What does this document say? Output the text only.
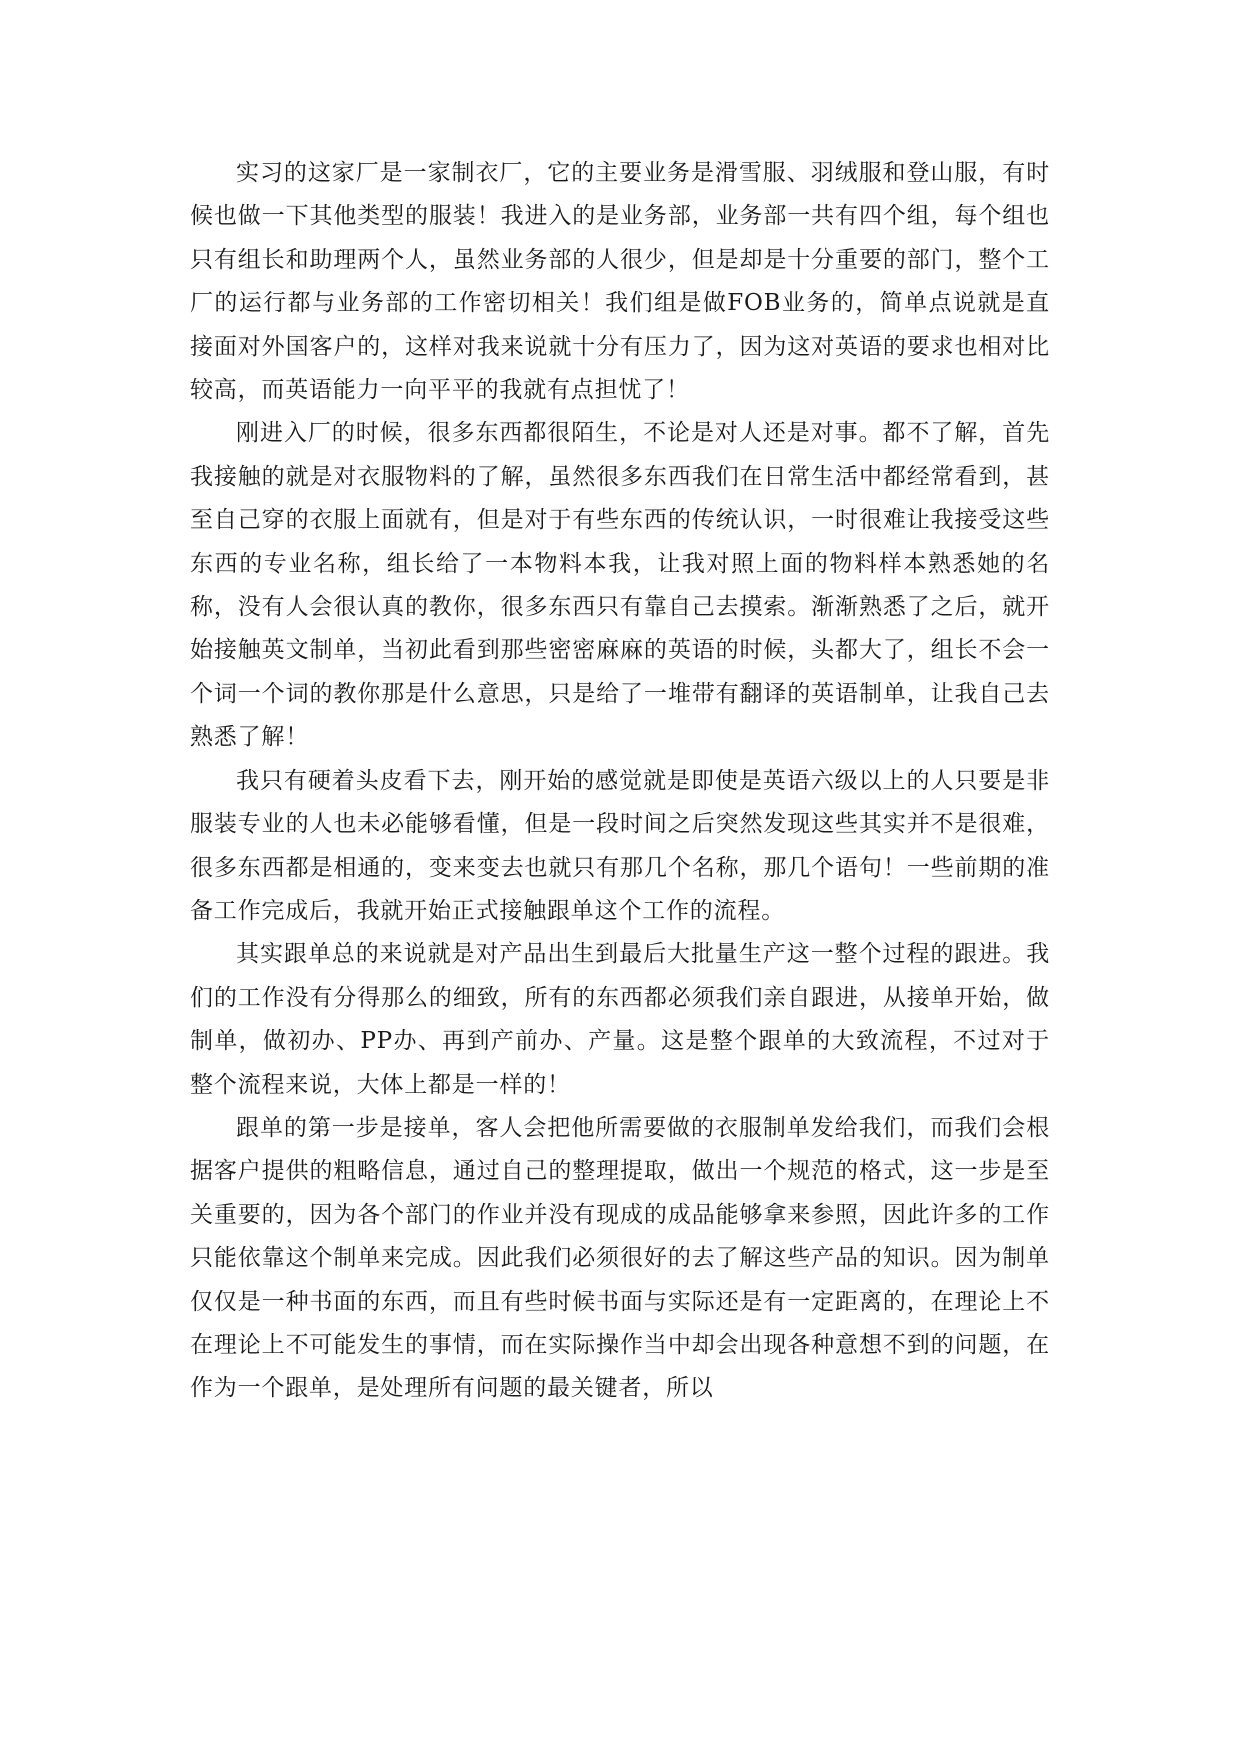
实习的这家厂是一家制衣厂，它的主要业务是滑雪服、羽绒服和登山服，有时候也做一下其他类型的服装！我进入的是业务部，业务部一共有四个组，每个组也只有组长和助理两个人，虽然业务部的人很少，但是却是十分重要的部门，整个工厂的运行都与业务部的工作密切相关！我们组是做FOB业务的，简单点说就是直接面对外国客户的，这样对我来说就十分有压力了，因为这对英语的要求也相对比较高，而英语能力一向平平的我就有点担忧了！

刚进入厂的时候，很多东西都很陌生，不论是对人还是对事。都不了解，首先我接触的就是对衣服物料的了解，虽然很多东西我们在日常生活中都经常看到，甚至自己穿的衣服上面就有，但是对于有些东西的传统认识，一时很难让我接受这些东西的专业名称，组长给了一本物料本我，让我对照上面的物料样本熟悉她的名称，没有人会很认真的教你，很多东西只有靠自己去摸索。渐渐熟悉了之后，就开始接触英文制单，当初此看到那些密密麻麻的英语的时候，头都大了，组长不会一个词一个词的教你那是什么意思，只是给了一堆带有翻译的英语制单，让我自己去熟悉了解！

我只有硬着头皮看下去，刚开始的感觉就是即使是英语六级以上的人只要是非服装专业的人也未必能够看懂，但是一段时间之后突然发现这些其实并不是很难，很多东西都是相通的，变来变去也就只有那几个名称，那几个语句！一些前期的准备工作完成后，我就开始正式接触跟单这个工作的流程。

其实跟单总的来说就是对产品出生到最后大批量生产这一整个过程的跟进。我们的工作没有分得那么的细致，所有的东西都必须我们亲自跟进，从接单开始，做制单，做初办、PP办、再到产前办、产量。这是整个跟单的大致流程，不过对于整个流程来说，大体上都是一样的！

跟单的第一步是接单，客人会把他所需要做的衣服制单发给我们，而我们会根据客户提供的粗略信息，通过自己的整理提取，做出一个规范的格式，这一步是至关重要的，因为各个部门的作业并没有现成的成品能够拿来参照，因此许多的工作只能依靠这个制单来完成。因此我们必须很好的去了解这些产品的知识。因为制单仅仅是一种书面的东西，而且有些时候书面与实际还是有一定距离的，在理论上不在理论上不可能发生的事情，而在实际操作当中却会出现各种意想不到的问题，在作为一个跟单，是处理所有问题的最关键者，所以
